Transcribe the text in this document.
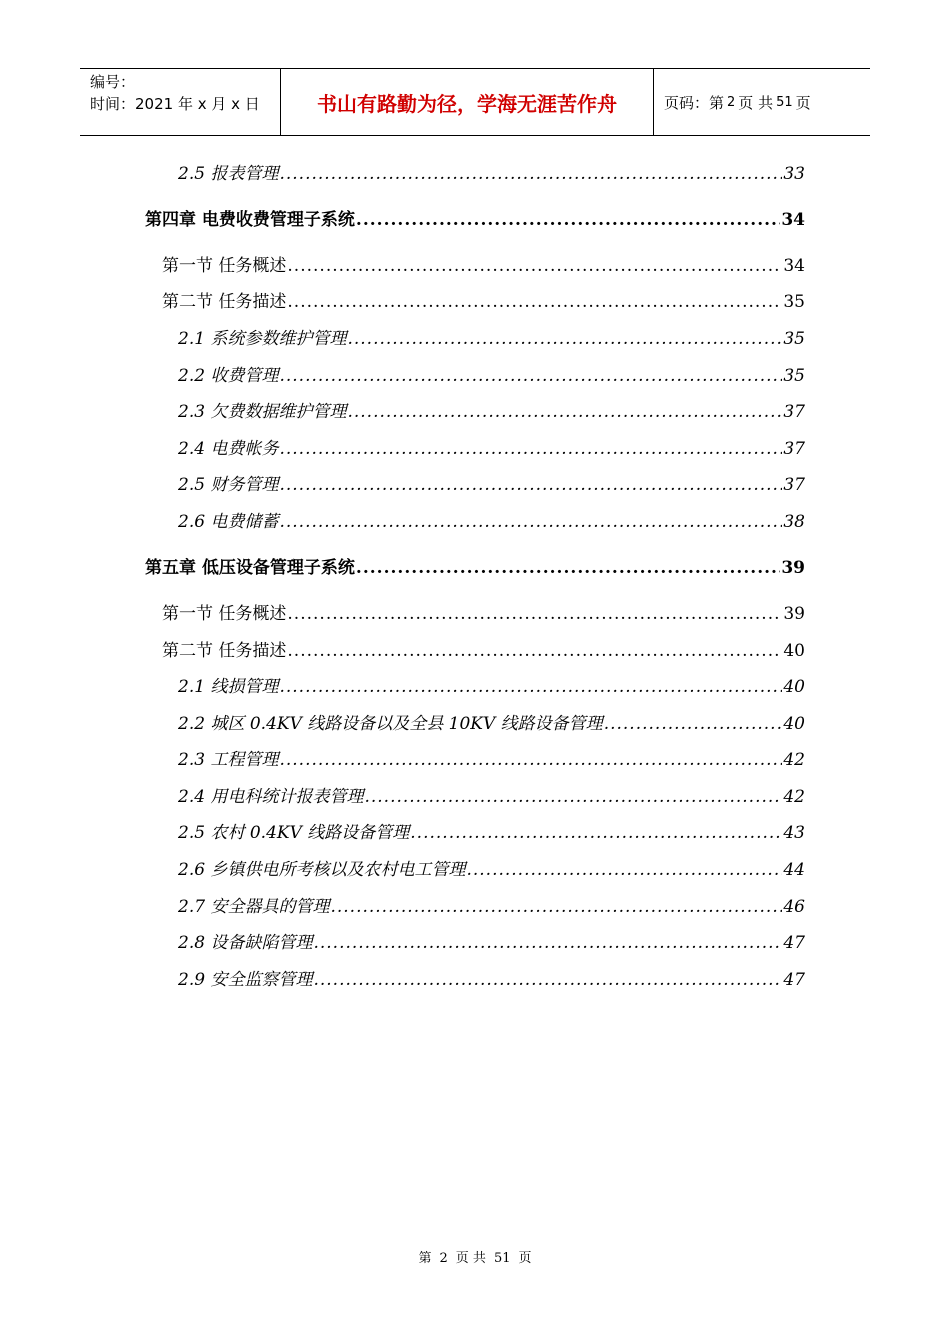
编号：
时间：2021 年 x 月 x 日	书山有路勤为径，学海无涯苦作舟	页码：第 2 页 共 51 页
2.5 报表管理 .....	33
第四章 电费收费管理子系统 .....	34
第一节 任务概述 .....	34
第二节 任务描述 .....	35
2.1 系统参数维护管理 .....	35
2.2 收费管理 .....	35
2.3 欠费数据维护管理 .....	37
2.4 电费帐务 .....	37
2.5 财务管理 .....	37
2.6 电费储蓄 .....	38
第五章 低压设备管理子系统 .....	39
第一节 任务概述 .....	39
第二节 任务描述 .....	40
2.1 线损管理 .....	40
2.2 城区 0.4KV 线路设备以及全县 10KV 线路设备管理 .....	40
2.3 工程管理 .....	42
2.4 用电科统计报表管理 .....	42
2.5 农村 0.4KV 线路设备管理 .....	43
2.6 乡镇供电所考核以及农村电工管理 .....	44
2.7 安全器具的管理 .....	46
2.8 设备缺陷管理 .....	47
2.9 安全监察管理 .....	47
第 2 页 共 51 页
